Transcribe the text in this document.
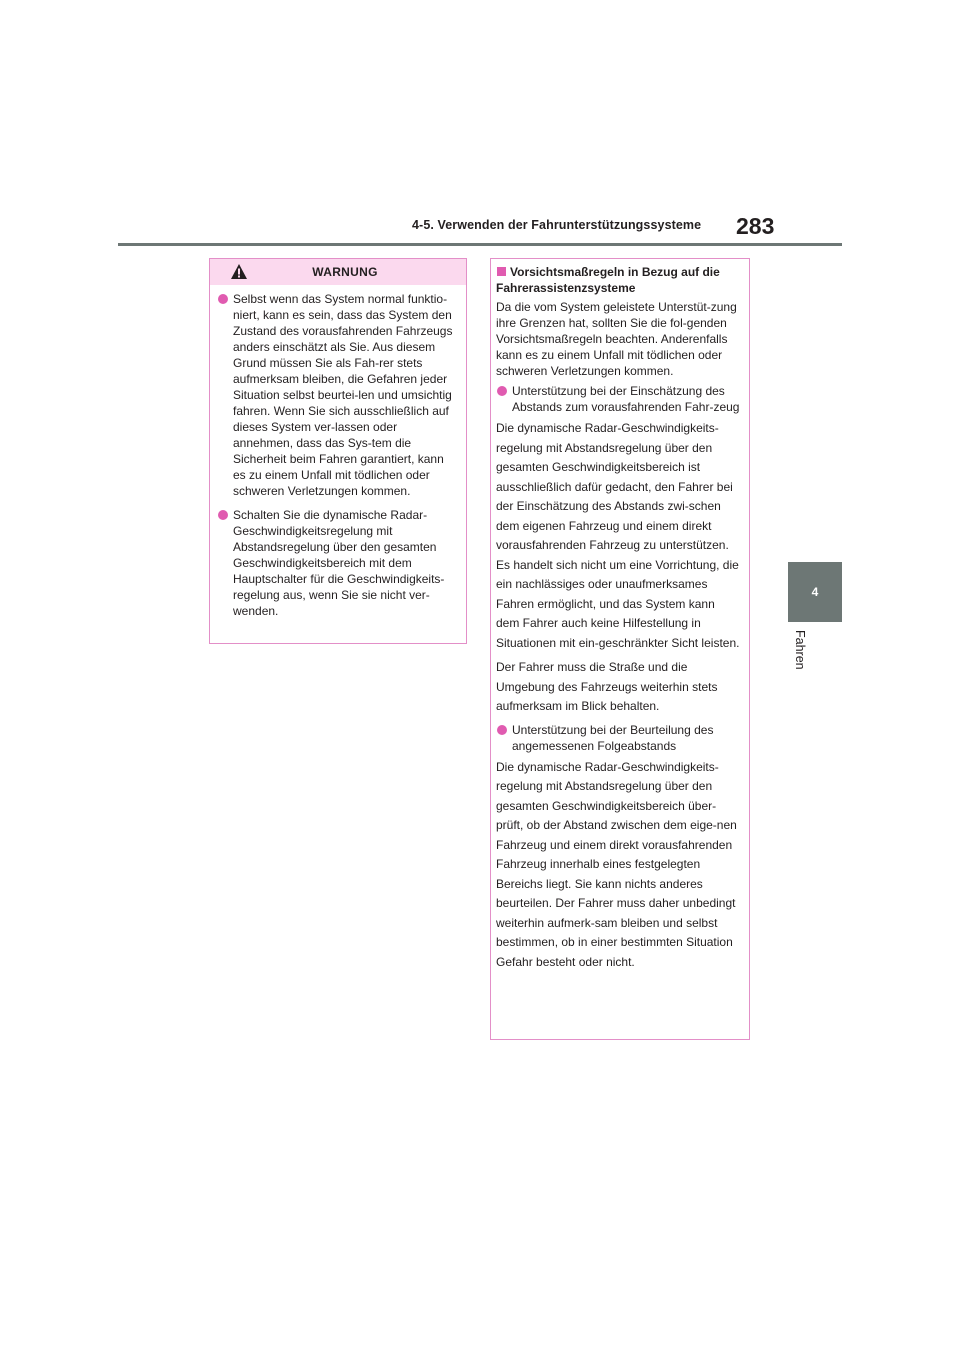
4-5. Verwenden der Fahrunterstützungssysteme 283
4
Fahren
WARNUNG
Selbst wenn das System normal funktio-niert, kann es sein, dass das System den Zustand des vorausfahrenden Fahrzeugs anders einschätzt als Sie. Aus diesem Grund müssen Sie als Fah-rer stets aufmerksam bleiben, die Gefahren jeder Situation selbst beurtei-len und umsichtig fahren. Wenn Sie sich ausschließlich auf dieses System ver-lassen oder annehmen, dass das Sys-tem die Sicherheit beim Fahren garantiert, kann es zu einem Unfall mit tödlichen oder schweren Verletzungen kommen.
Schalten Sie die dynamische Radar-Geschwindigkeitsregelung mit Abstandsregelung über den gesamten Geschwindigkeitsbereich mit dem Hauptschalter für die Geschwindigkeits-regelung aus, wenn Sie sie nicht ver-wenden.
Vorsichtsmaßregeln in Bezug auf die Fahrerassistenzsysteme

Da die vom System geleistete Unterstüt-zung ihre Grenzen hat, sollten Sie die fol-genden Vorsichtsmaßregeln beachten. Anderenfalls kann es zu einem Unfall mit tödlichen oder schweren Verletzungen kommen.

Unterstützung bei der Einschätzung des Abstands zum vorausfahrenden Fahr-zeug

Die dynamische Radar-Geschwindigkeits-regelung mit Abstandsregelung über den gesamten Geschwindigkeitsbereich ist ausschließlich dafür gedacht, den Fahrer bei der Einschätzung des Abstands zwi-schen dem eigenen Fahrzeug und einem direkt vorausfahrenden Fahrzeug zu unterstützen. Es handelt sich nicht um eine Vorrichtung, die ein nachlässiges oder unaufmerksames Fahren ermöglicht, und das System kann dem Fahrer auch keine Hilfestellung in Situationen mit ein-geschränkter Sicht leisten.

Der Fahrer muss die Straße und die Umgebung des Fahrzeugs weiterhin stets aufmerksam im Blick behalten.

Unterstützung bei der Beurteilung des angemessenen Folgeabstands

Die dynamische Radar-Geschwindigkeits-regelung mit Abstandsregelung über den gesamten Geschwindigkeitsbereich über-prüft, ob der Abstand zwischen dem eige-nen Fahrzeug und einem direkt vorausfahrenden Fahrzeug innerhalb eines festgelegten Bereichs liegt. Sie kann nichts anderes beurteilen. Der Fahrer muss daher unbedingt weiterhin aufmerk-sam bleiben und selbst bestimmen, ob in einer bestimmten Situation Gefahr besteht oder nicht.
